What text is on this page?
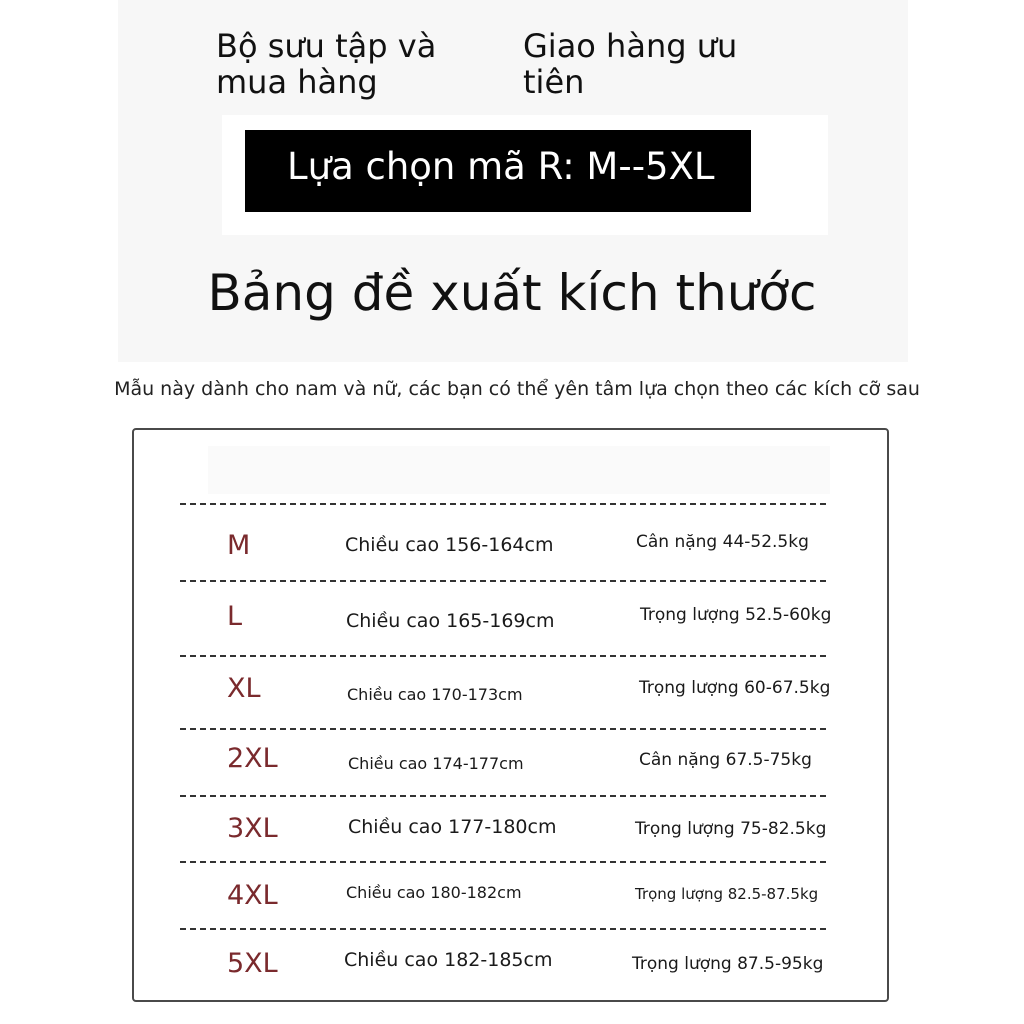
Bộ sưu tập và
mua hàng
Giao hàng ưu
tiên
Lựa chọn mã R: M--5XL
Bảng đề xuất kích thước
Mẫu này dành cho nam và nữ, các bạn có thể yên tâm lựa chọn theo các kích cỡ sau
M	Chiều cao 156-164cm	Cân nặng 44-52.5kg
L	Chiều cao 165-169cm	Trọng lượng 52.5-60kg
XL	Chiều cao 170-173cm	Trọng lượng 60-67.5kg
2XL	Chiều cao 174-177cm	Cân nặng 67.5-75kg
3XL	Chiều cao 177-180cm	Trọng lượng 75-82.5kg
4XL	Chiều cao 180-182cm	Trọng lượng 82.5-87.5kg
5XL	Chiều cao 182-185cm	Trọng lượng 87.5-95kg
